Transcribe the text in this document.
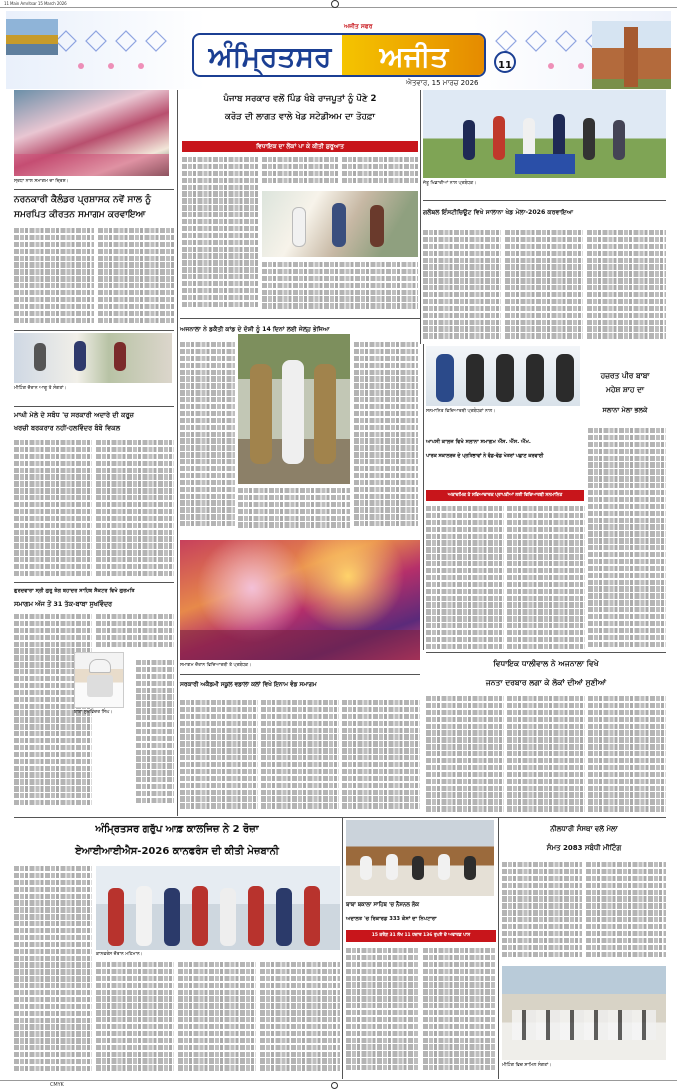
11 Main Amritsar 15 March 2026
ਅੰਮ੍ਰਿਤਸਰ	ਅਜੀਤ
ਅਜੀਤ ਸਫਰ
ਐਤਵਾਰ, 15 ਮਾਰਚ 2026
11
ਸ੍ਰਧਾ ਨਾਲ ਸਮਾਗਮ ਦਾ ਦ੍ਰਿਸ਼।
ਨਰਨਕਾਰੀ ਕੈਲੰਡਰ ਪ੍ਰਸ਼ਾਸਕ ਨਵੇਂ ਸਾਲ ਨੂੰ
ਸਮਰਪਿਤ ਕੀਰਤਨ ਸਮਾਗਮ ਕਰਵਾਇਆ
ਮੀਟਿੰਗ ਦੌਰਾਨ ਆਗੂ ਤੇ ਸੰਗਤਾਂ।
ਮਾਘੀ ਮੇਲੇ ਦੇ ਸਬੰਧ 'ਚ ਸਰਕਾਰੀ ਅਦਾਰੇ ਦੀ ਕਰੂਜ਼
ਖਰਚੀ ਬਰਕਰਾਰ ਨਹੀਂ-ਹਲਵਿੰਦਰ ਬੰਬੋ ਵਿਕਲ
ਗੁਰਦਵਾਰਾ ਸ੍ਰੀ ਗੁਰੂ ਤੇਗ ਬਹਾਦਰ ਸਾਹਿਬ ਸੈਕਟਰ ਵਿਖੇ ਗੁਰਮਤਿ
ਸਮਾਗਮ ਅੱਜ ਤੋਂ 31 ਤੱਕ-ਬਾਬਾ ਸੁਖਵਿੰਦਰ
ਬਾਬਾ ਸੁਖਵਿੰਦਰ ਸਿੰਘ।
ਪੰਜਾਬ ਸਰਕਾਰ ਵਲੋਂ ਪਿੰਡ ਖੰਬੇ ਰਾਜਪੂਤਾਂ ਨੂੰ ਪੌਣੇ 2
ਕਰੋੜ ਦੀ ਲਾਗਤ ਵਾਲੇ ਖੇਡ ਸਟੇਡੀਅਮ ਦਾ ਤੋਹਫ਼ਾ
ਵਿਧਾਇਕ ਦਾ ਲੋਕਾਂ ਪਾ ਕੇ ਕੀਤੀ ਸ਼ੁਰੂਆਤ
ਜੇਤੂ ਖਿਡਾਰੀਆਂ ਨਾਲ ਪ੍ਰਬੰਧਕ।
ਗਲੋਬਲ ਇੰਸਟੀਚਿਊਟ ਵਿਖੇ ਸਾਲਾਨਾ ਖੇਡ ਮੇਲਾ-2026 ਕਰਵਾਇਆ
ਅਜਨਾਲਾ ਨੇ ਡਕੈਤੀ ਕਾਂਡ ਦੇ ਦੋਸ਼ੀ ਨੂੰ 14 ਦਿਨਾਂ ਲਈ ਜੇਲ੍ਹ ਭੇਜਿਆ
ਸਮਾਗਮ ਦੌਰਾਨ ਵਿਦਿਆਰਥੀ ਤੇ ਪ੍ਰਬੰਧਕ।
ਸਨਮਾਨਿਤ ਵਿਦਿਆਰਥੀ ਪ੍ਰਬੰਧਕਾਂ ਨਾਲ।
ਹਜ਼ਰਤ ਪੀਰ ਬਾਬਾ
ਮਹੇਸ਼ ਸ਼ਾਹ ਦਾ
ਸਲਾਨਾ ਮੇਲਾ ਭਲਕੇ
ਆਪਸੀ ਕਾਲਜ ਵਿਖੇ ਸਲਾਨਾ ਸਮਾਗਮ ਐੱਸ. ਐੱਸ. ਐੱਮ.
ਪਾਰਕ ਸਕਾਲਰਜ਼ ਦੇ ਪ੍ਰਤਿਭਾਵਾਂ ਨੇ ਵੰਡ-ਵੱਡ ਖੇਤਰਾਂ ਪਛਾਣ ਕਰਵਾਈ
ਅਕਾਦਮਿਕ ਤੇ ਸਭਿਆਚਾਰਕ ਪ੍ਰਾਪਤੀਆਂ ਲਈ ਵਿਦਿਆਰਥੀ ਸਨਮਾਨਿਤ
ਵਿਧਾਇਕ ਧਾਲੀਵਾਲ ਨੇ ਅਜਨਾਲਾ ਵਿਖੇ
ਜਨਤਾ ਦਰਬਾਰ ਲਗਾ ਕੇ ਲੋਕਾਂ ਦੀਆਂ ਸੁਣੀਆਂ
ਸਰਕਾਰੀ ਅਕੈਡਮੀ ਸਕੂਲ ਵਡਾਲਾ ਕਲਾਂ ਵਿਖੇ ਇਨਾਮ ਵੰਡ ਸਮਾਗਮ
ਅੰਮ੍ਰਿਤਸਰ ਗਰੁੱਪ ਆਫ਼ ਕਾਲਜਿਜ਼ ਨੇ 2 ਰੋਜ਼ਾ
ਏਆਈਆਈਐਸ-2026 ਕਾਨਫਰੰਸ ਦੀ ਕੀਤੀ ਮੇਜ਼ਬਾਨੀ
ਕਾਨਫਰੰਸ ਦੌਰਾਨ ਮਹਿਮਾਨ।
ਬਾਬਾ ਬਕਾਲਾ ਸਾਹਿਬ 'ਚ ਨੈਸ਼ਨਲ ਲੋਕ
ਅਦਾਲਤ 'ਚ ਰਿਕਾਰਡ 333 ਕੇਸਾਂ ਦਾ ਨਿਪਟਾਰਾ
15 ਕਰੋੜ 31 ਲੱਖ 11 ਹਜ਼ਾਰ 136 ਰੁਪਏ ਦੇ ਅਵਾਰਡ ਪਾਸ
ਨੀਲਧਾਰੀ ਸੰਸਥਾ ਵਲੋਂ ਮੇਲਾ
ਸੰਮਤ 2083 ਸਬੰਧੀ ਮੀਟਿੰਗ
ਮੀਟਿੰਗ ਵਿਚ ਸ਼ਾਮਿਲ ਸੰਗਤਾਂ।
CMYK
